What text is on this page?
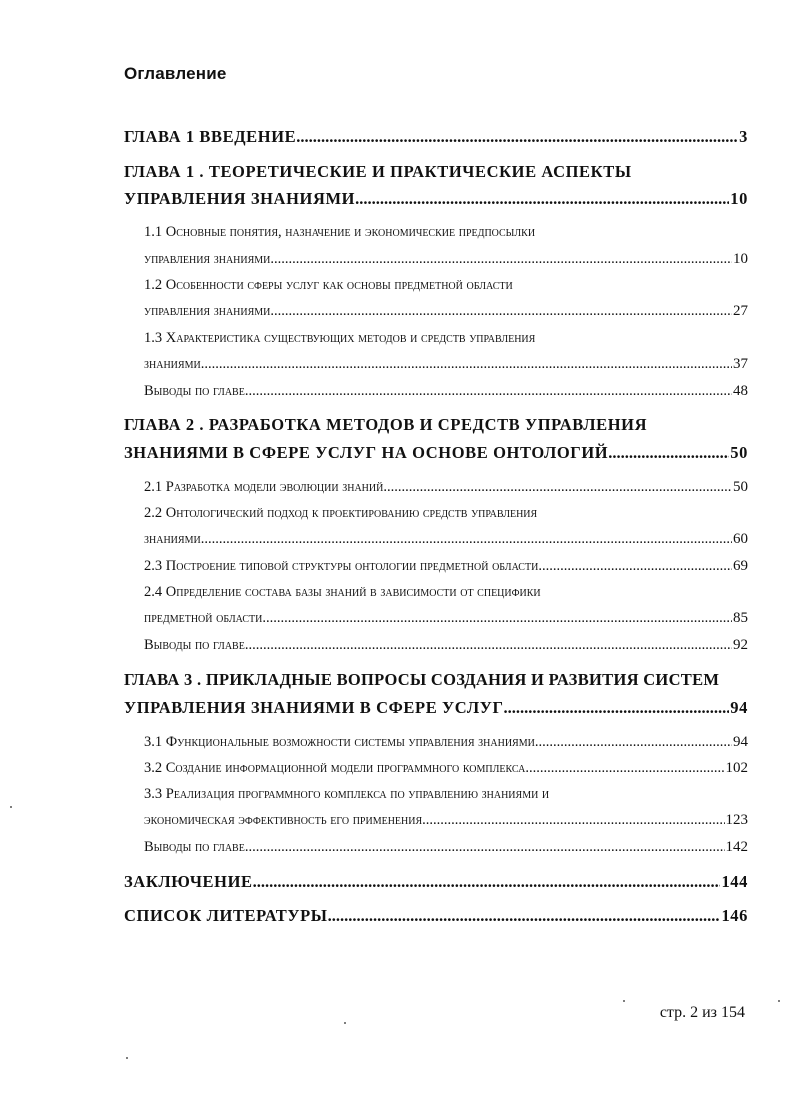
Оглавление
ГЛАВА 1 ВВЕДЕНИЕ .....	3
ГЛАВА 1 . ТЕОРЕТИЧЕСКИЕ И ПРАКТИЧЕСКИЕ АСПЕКТЫ
УПРАВЛЕНИЯ ЗНАНИЯМИ .....	10
1.1 Основные понятия, назначение и экономические предпосылки
управления знаниями .....	10
1.2 Особенности сферы услуг как основы предметной области
управления знаниями .....	27
1.3 Характеристика существующих методов и средств управления
знаниями .....	37
Выводы по главе .....	48
ГЛАВА 2 . РАЗРАБОТКА МЕТОДОВ И СРЕДСТВ УПРАВЛЕНИЯ
ЗНАНИЯМИ В СФЕРЕ УСЛУГ НА ОСНОВЕ ОНТОЛОГИЙ .....	50
2.1 Разработка модели эволюции знаний .....	50
2.2 Онтологический подход к проектированию средств управления
знаниями .....	60
2.3 Построение типовой структуры онтологии предметной области .....	69
2.4 Определение состава базы знаний в зависимости от специфики
предметной области .....	85
Выводы по главе .....	92
ГЛАВА 3 . ПРИКЛАДНЫЕ ВОПРОСЫ СОЗДАНИЯ И РАЗВИТИЯ СИСТЕМ
УПРАВЛЕНИЯ ЗНАНИЯМИ В СФЕРЕ УСЛУГ .....	94
3.1 Функциональные возможности системы управления знаниями .....	94
3.2 Создание информационной модели программного комплекса .....	102
3.3 Реализация программного комплекса по управлению знаниями и
экономическая эффективность его применения .....	123
Выводы по главе .....	142
ЗАКЛЮЧЕНИЕ .....	144
СПИСОК ЛИТЕРАТУРЫ .....	146
стр. 2 из 154
